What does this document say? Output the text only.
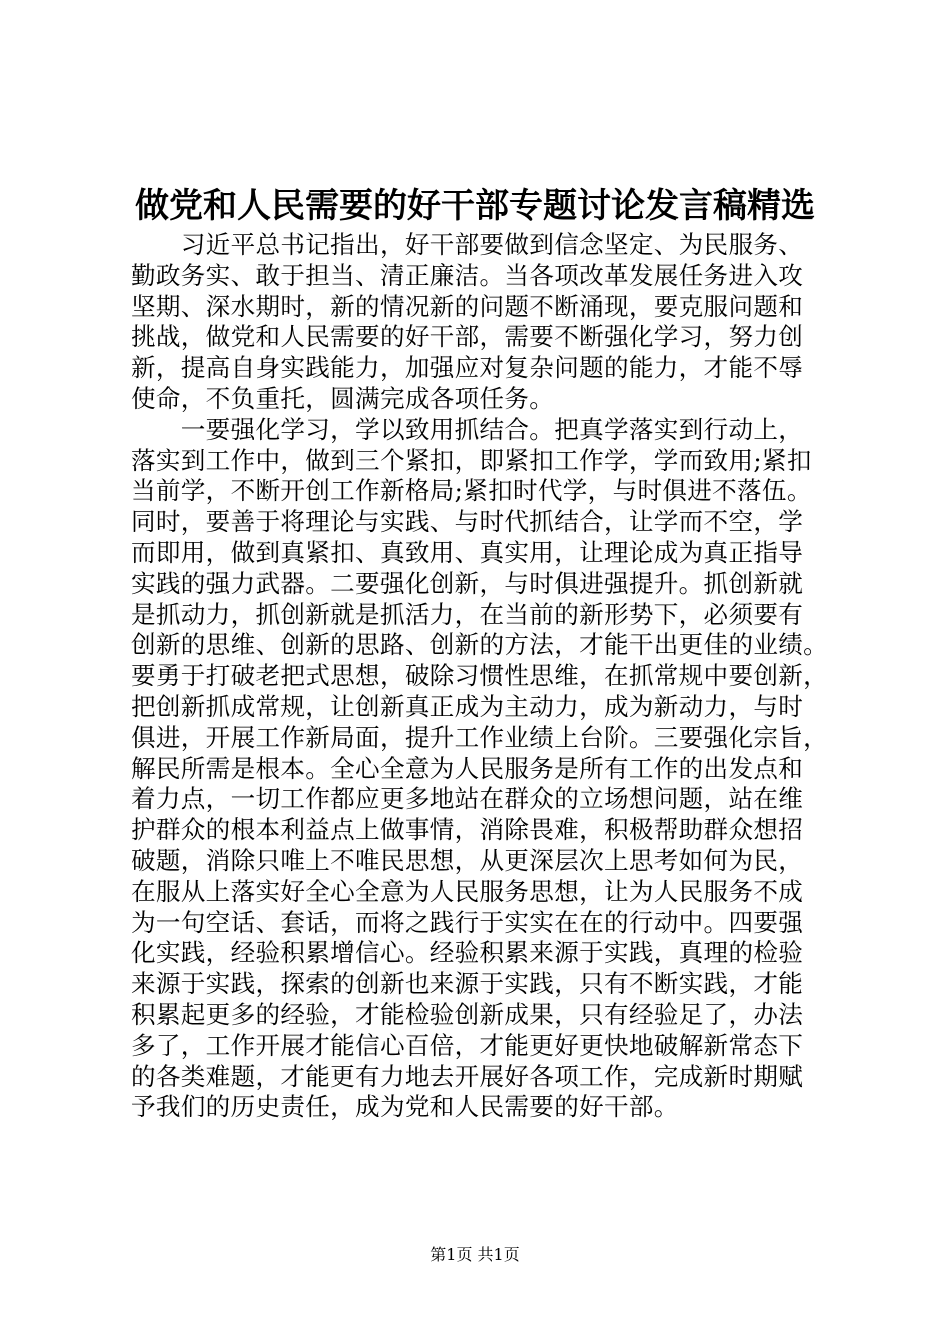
做党和人民需要的好干部专题讨论发言稿精选
　　习近平总书记指出，好干部要做到信念坚定、为民服务、
勤政务实、敢于担当、清正廉洁。当各项改革发展任务进入攻
坚期、深水期时，新的情况新的问题不断涌现，要克服问题和
挑战，做党和人民需要的好干部，需要不断强化学习，努力创
新，提高自身实践能力，加强应对复杂问题的能力，才能不辱
使命，不负重托，圆满完成各项任务。
　　一要强化学习，学以致用抓结合。把真学落实到行动上，
落实到工作中，做到三个紧扣，即紧扣工作学，学而致用;紧扣
当前学，不断开创工作新格局;紧扣时代学，与时俱进不落伍。
同时，要善于将理论与实践、与时代抓结合，让学而不空，学
而即用，做到真紧扣、真致用、真实用，让理论成为真正指导
实践的强力武器。二要强化创新，与时俱进强提升。抓创新就
是抓动力，抓创新就是抓活力，在当前的新形势下，必须要有
创新的思维、创新的思路、创新的方法，才能干出更佳的业绩。
要勇于打破老把式思想，破除习惯性思维，在抓常规中要创新，
把创新抓成常规，让创新真正成为主动力，成为新动力，与时
俱进，开展工作新局面，提升工作业绩上台阶。三要强化宗旨，
解民所需是根本。全心全意为人民服务是所有工作的出发点和
着力点，一切工作都应更多地站在群众的立场想问题，站在维
护群众的根本利益点上做事情，消除畏难，积极帮助群众想招
破题，消除只唯上不唯民思想，从更深层次上思考如何为民，
在服从上落实好全心全意为人民服务思想，让为人民服务不成
为一句空话、套话，而将之践行于实实在在的行动中。四要强
化实践，经验积累增信心。经验积累来源于实践，真理的检验
来源于实践，探索的创新也来源于实践，只有不断实践，才能
积累起更多的经验，才能检验创新成果，只有经验足了，办法
多了，工作开展才能信心百倍，才能更好更快地破解新常态下
的各类难题，才能更有力地去开展好各项工作，完成新时期赋
予我们的历史责任，成为党和人民需要的好干部。
第1页 共1页
